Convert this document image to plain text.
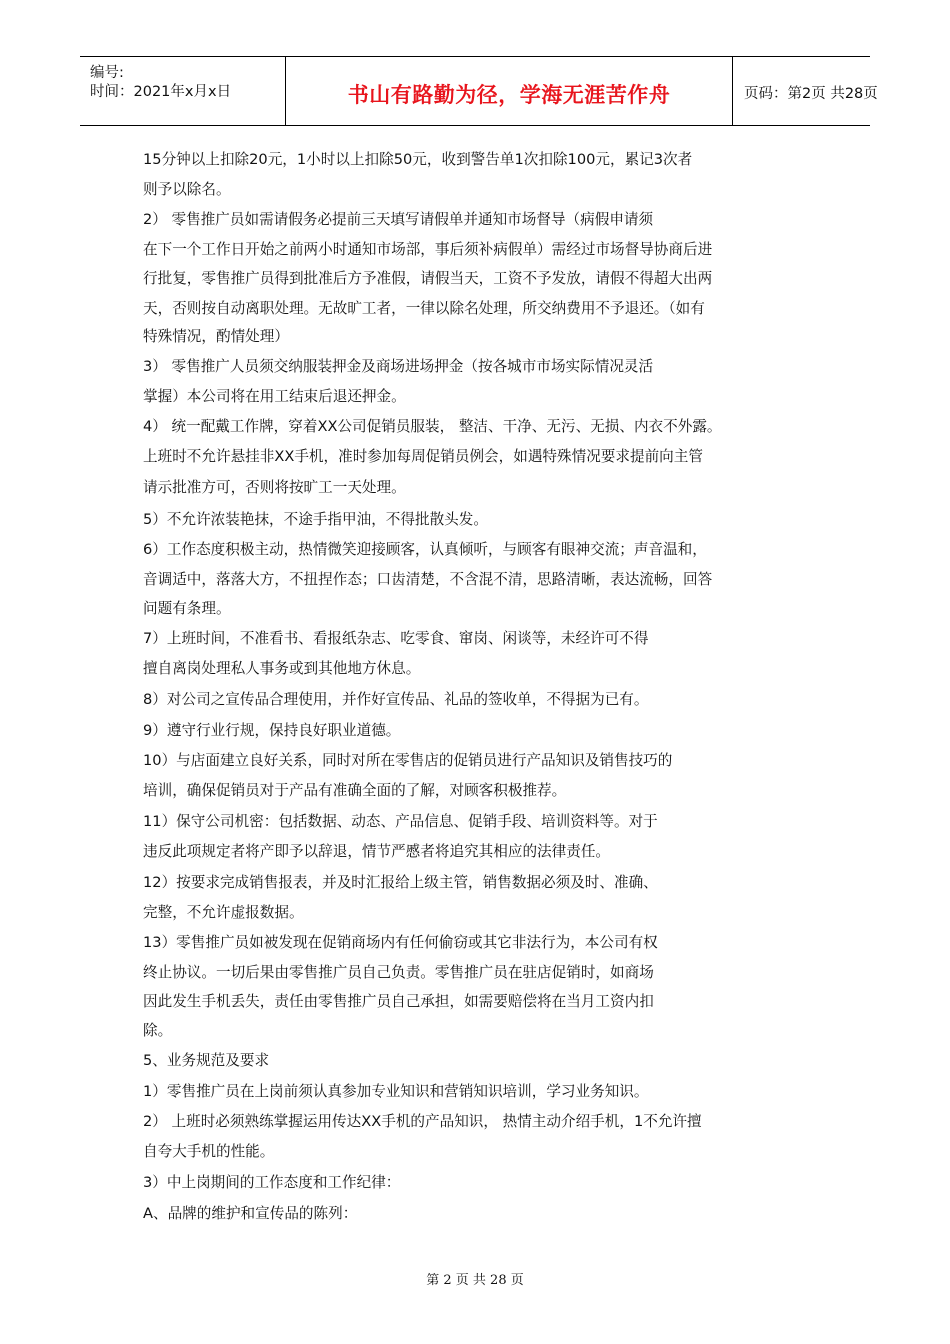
编号:
时间：2021年x月x日	书山有路勤为径，学海无涯苦作舟	页码：第2页 共28页
15分钟以上扣除20元，1小时以上扣除50元，收到警告单1次扣除100元，累记3次者
则予以除名。
2） 零售推广员如需请假务必提前三天填写请假单并通知市场督导（病假申请须
在下一个工作日开始之前两小时通知市场部，事后须补病假单）需经过市场督导协商后进
行批复，零售推广员得到批准后方予准假，请假当天，工资不予发放，请假不得超大出两
天，否则按自动离职处理。无故旷工者，一律以除名处理，所交纳费用不予退还。（如有
特殊情况，酌情处理）
3） 零售推广人员须交纳服装押金及商场进场押金（按各城市市场实际情况灵活
掌握）本公司将在用工结束后退还押金。
4） 统一配戴工作牌，穿着XX公司促销员服装， 整洁、干净、无污、无损、内衣不外露。
上班时不允许悬挂非XX手机，准时参加每周促销员例会，如遇特殊情况要求提前向主管
请示批准方可，否则将按旷工一天处理。
5）不允许浓装艳抹，不途手指甲油，不得批散头发。
6）工作态度积极主动，热情微笑迎接顾客，认真倾听，与顾客有眼神交流；声音温和，
音调适中，落落大方，不扭捏作态；口齿清楚，不含混不清，思路清晰，表达流畅，回答
问题有条理。
7）上班时间，不准看书、看报纸杂志、吃零食、窜岗、闲谈等，未经许可不得
擅自离岗处理私人事务或到其他地方休息。
8）对公司之宣传品合理使用，并作好宣传品、礼品的签收单，不得据为已有。
9）遵守行业行规，保持良好职业道德。
10）与店面建立良好关系，同时对所在零售店的促销员进行产品知识及销售技巧的
培训，确保促销员对于产品有准确全面的了解，对顾客积极推荐。
11）保守公司机密：包括数据、动态、产品信息、促销手段、培训资料等。对于
违反此项规定者将产即予以辞退，情节严慼者将追究其相应的法律责任。
12）按要求完成销售报表，并及时汇报给上级主管，销售数据必须及时、准确、
完整，不允许虚报数据。
13）零售推广员如被发现在促销商场内有任何偷窃或其它非法行为，本公司有权
终止协议。一切后果由零售推广员自己负责。零售推广员在驻店促销时，如商场
因此发生手机丢失，责任由零售推广员自己承担，如需要赔偿将在当月工资内扣
除。
5、业务规范及要求
1）零售推广员在上岗前须认真参加专业知识和营销知识培训，学习业务知识。
2） 上班时必须熟练掌握运用传达XX手机的产品知识， 热情主动介绍手机，1不允许擅
自夸大手机的性能。
3）中上岗期间的工作态度和工作纪律：
A、品牌的维护和宣传品的陈列：
第 2 页 共 28 页
